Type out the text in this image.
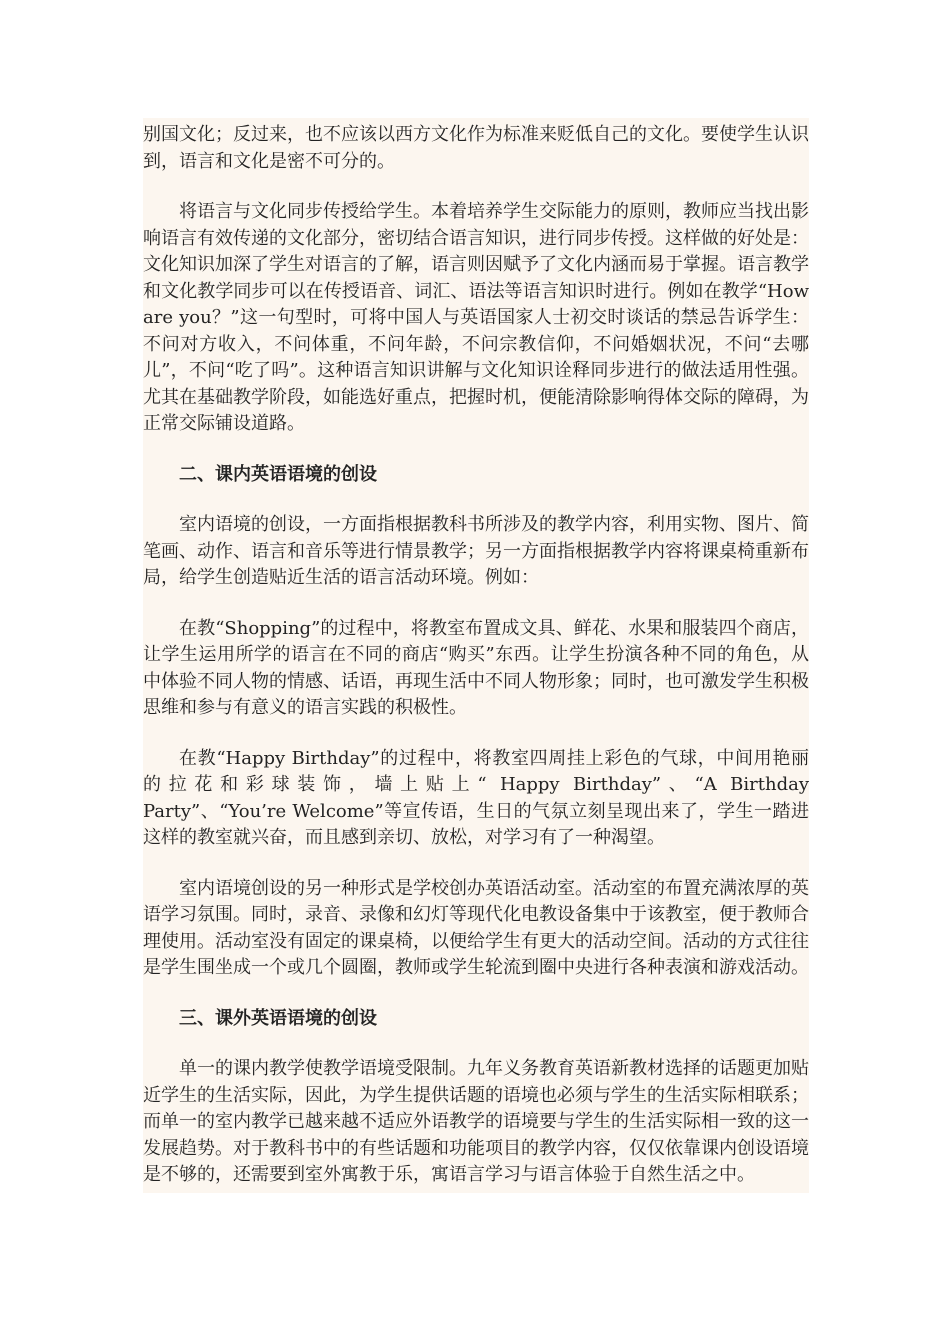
别国文化；反过来，也不应该以西方文化作为标准来贬低自己的文化。要使学生认识到，语言和文化是密不可分的。

将语言与文化同步传授给学生。本着培养学生交际能力的原则，教师应当找出影响语言有效传递的文化部分，密切结合语言知识，进行同步传授。这样做的好处是：文化知识加深了学生对语言的了解，语言则因赋予了文化内涵而易于掌握。语言教学和文化教学同步可以在传授语音、词汇、语法等语言知识时进行。例如在教学“How are you？”这一句型时，可将中国人与英语国家人士初交时谈话的禁忌告诉学生：不问对方收入，不问体重，不问年龄，不问宗教信仰，不问婚姻状况，不问“去哪儿”，不问“吃了吗”。这种语言知识讲解与文化知识诠释同步进行的做法适用性强。尤其在基础教学阶段，如能选好重点，把握时机，便能清除影响得体交际的障碍，为正常交际铺设道路。

二、课内英语语境的创设

室内语境的创设，一方面指根据教科书所涉及的教学内容，利用实物、图片、简笔画、动作、语言和音乐等进行情景教学；另一方面指根据教学内容将课桌椅重新布局，给学生创造贴近生活的语言活动环境。例如：

在教“Shopping”的过程中，将教室布置成文具、鲜花、水果和服装四个商店，让学生运用所学的语言在不同的商店“购买”东西。让学生扮演各种不同的角色，从中体验不同人物的情感、话语，再现生活中不同人物形象；同时，也可激发学生积极思维和参与有意义的语言实践的积极性。

在教“Happy Birthday”的过程中，将教室四周挂上彩色的气球，中间用艳丽的拉花和彩球装饰，墙上贴上“ Happy Birthday”、“A Birthday Party”、“You’re Welcome”等宣传语，生日的气氛立刻呈现出来了，学生一踏进这样的教室就兴奋，而且感到亲切、放松，对学习有了一种渴望。

室内语境创设的另一种形式是学校创办英语活动室。活动室的布置充满浓厚的英语学习氛围。同时，录音、录像和幻灯等现代化电教设备集中于该教室，便于教师合理使用。活动室没有固定的课桌椅，以便给学生有更大的活动空间。活动的方式往往是学生围坐成一个或几个圆圈，教师或学生轮流到圈中央进行各种表演和游戏活动。

三、课外英语语境的创设

单一的课内教学使教学语境受限制。九年义务教育英语新教材选择的话题更加贴近学生的生活实际，因此，为学生提供话题的语境也必须与学生的生活实际相联系；而单一的室内教学已越来越不适应外语教学的语境要与学生的生活实际相一致的这一发展趋势。对于教科书中的有些话题和功能项目的教学内容，仅仅依靠课内创设语境是不够的，还需要到室外寓教于乐，寓语言学习与语言体验于自然生活之中。
